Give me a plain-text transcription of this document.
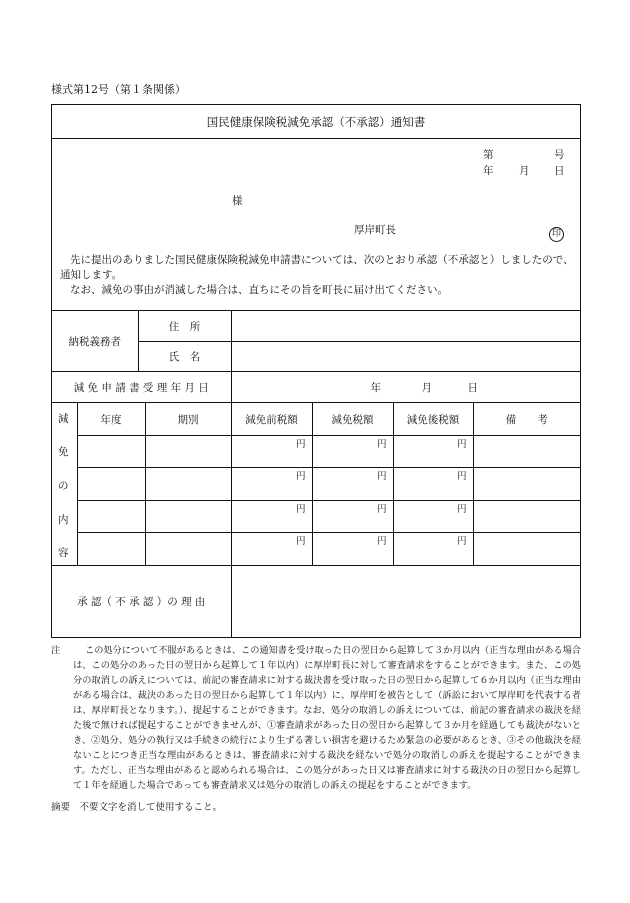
様式第12号（第１条関係）
国民健康保険税減免承認（不承認）通知書
第	号
年 月 日
様
厚岸町長	印
先に提出のありました国民健康保険税減免申請書については、次のとおり承認（不承認と）しましたので、通知します。
なお、減免の事由が消滅した場合は、直ちにその旨を町長に届け出てください。
納税義務者	住　所	
	氏　名	
減 免 申 請 書 受 理 年 月 日	年	月	日
減
免
の
内
容	年度	期別	減免前税額	減免税額	減免後税額	備　　考
			円	円	円	
			円	円	円	
			円	円	円	
			円	円	円	
承 認（ 不 承 認 ）の 理 由	
注	この処分について不服があるときは、この通知書を受け取った日の翌日から起算して３か月以内（正当な理由がある場合は、この処分のあった日の翌日から起算して１年以内）に厚岸町長に対して審査請求をすることができます。また、この処分の取消しの訴えについては、前記の審査請求に対する裁決書を受け取った日の翌日から起算して６か月以内（正当な理由がある場合は、裁決のあった日の翌日から起算して１年以内）に、厚岸町を被告として（訴訟において厚岸町を代表する者は、厚岸町長となります。）、提起することができます。なお、処分の取消しの訴えについては、前記の審査請求の裁決を経た後で無ければ提起することができませんが、①審査請求があった日の翌日から起算して３か月を経過しても裁決がないとき、②処分、処分の執行又は手続きの続行により生ずる著しい損害を避けるため緊急の必要があるとき、③その他裁決を経ないことにつき正当な理由があるときは、審査請求に対する裁決を経ないで処分の取消しの訴えを提起することができます。ただし、正当な理由があると認められる場合は、この処分があった日又は審査請求に対する裁決の日の翌日から起算して１年を経過した場合であっても審査請求又は処分の取消しの訴えの提起をすることができます。
摘要　不要文字を消して使用すること。
